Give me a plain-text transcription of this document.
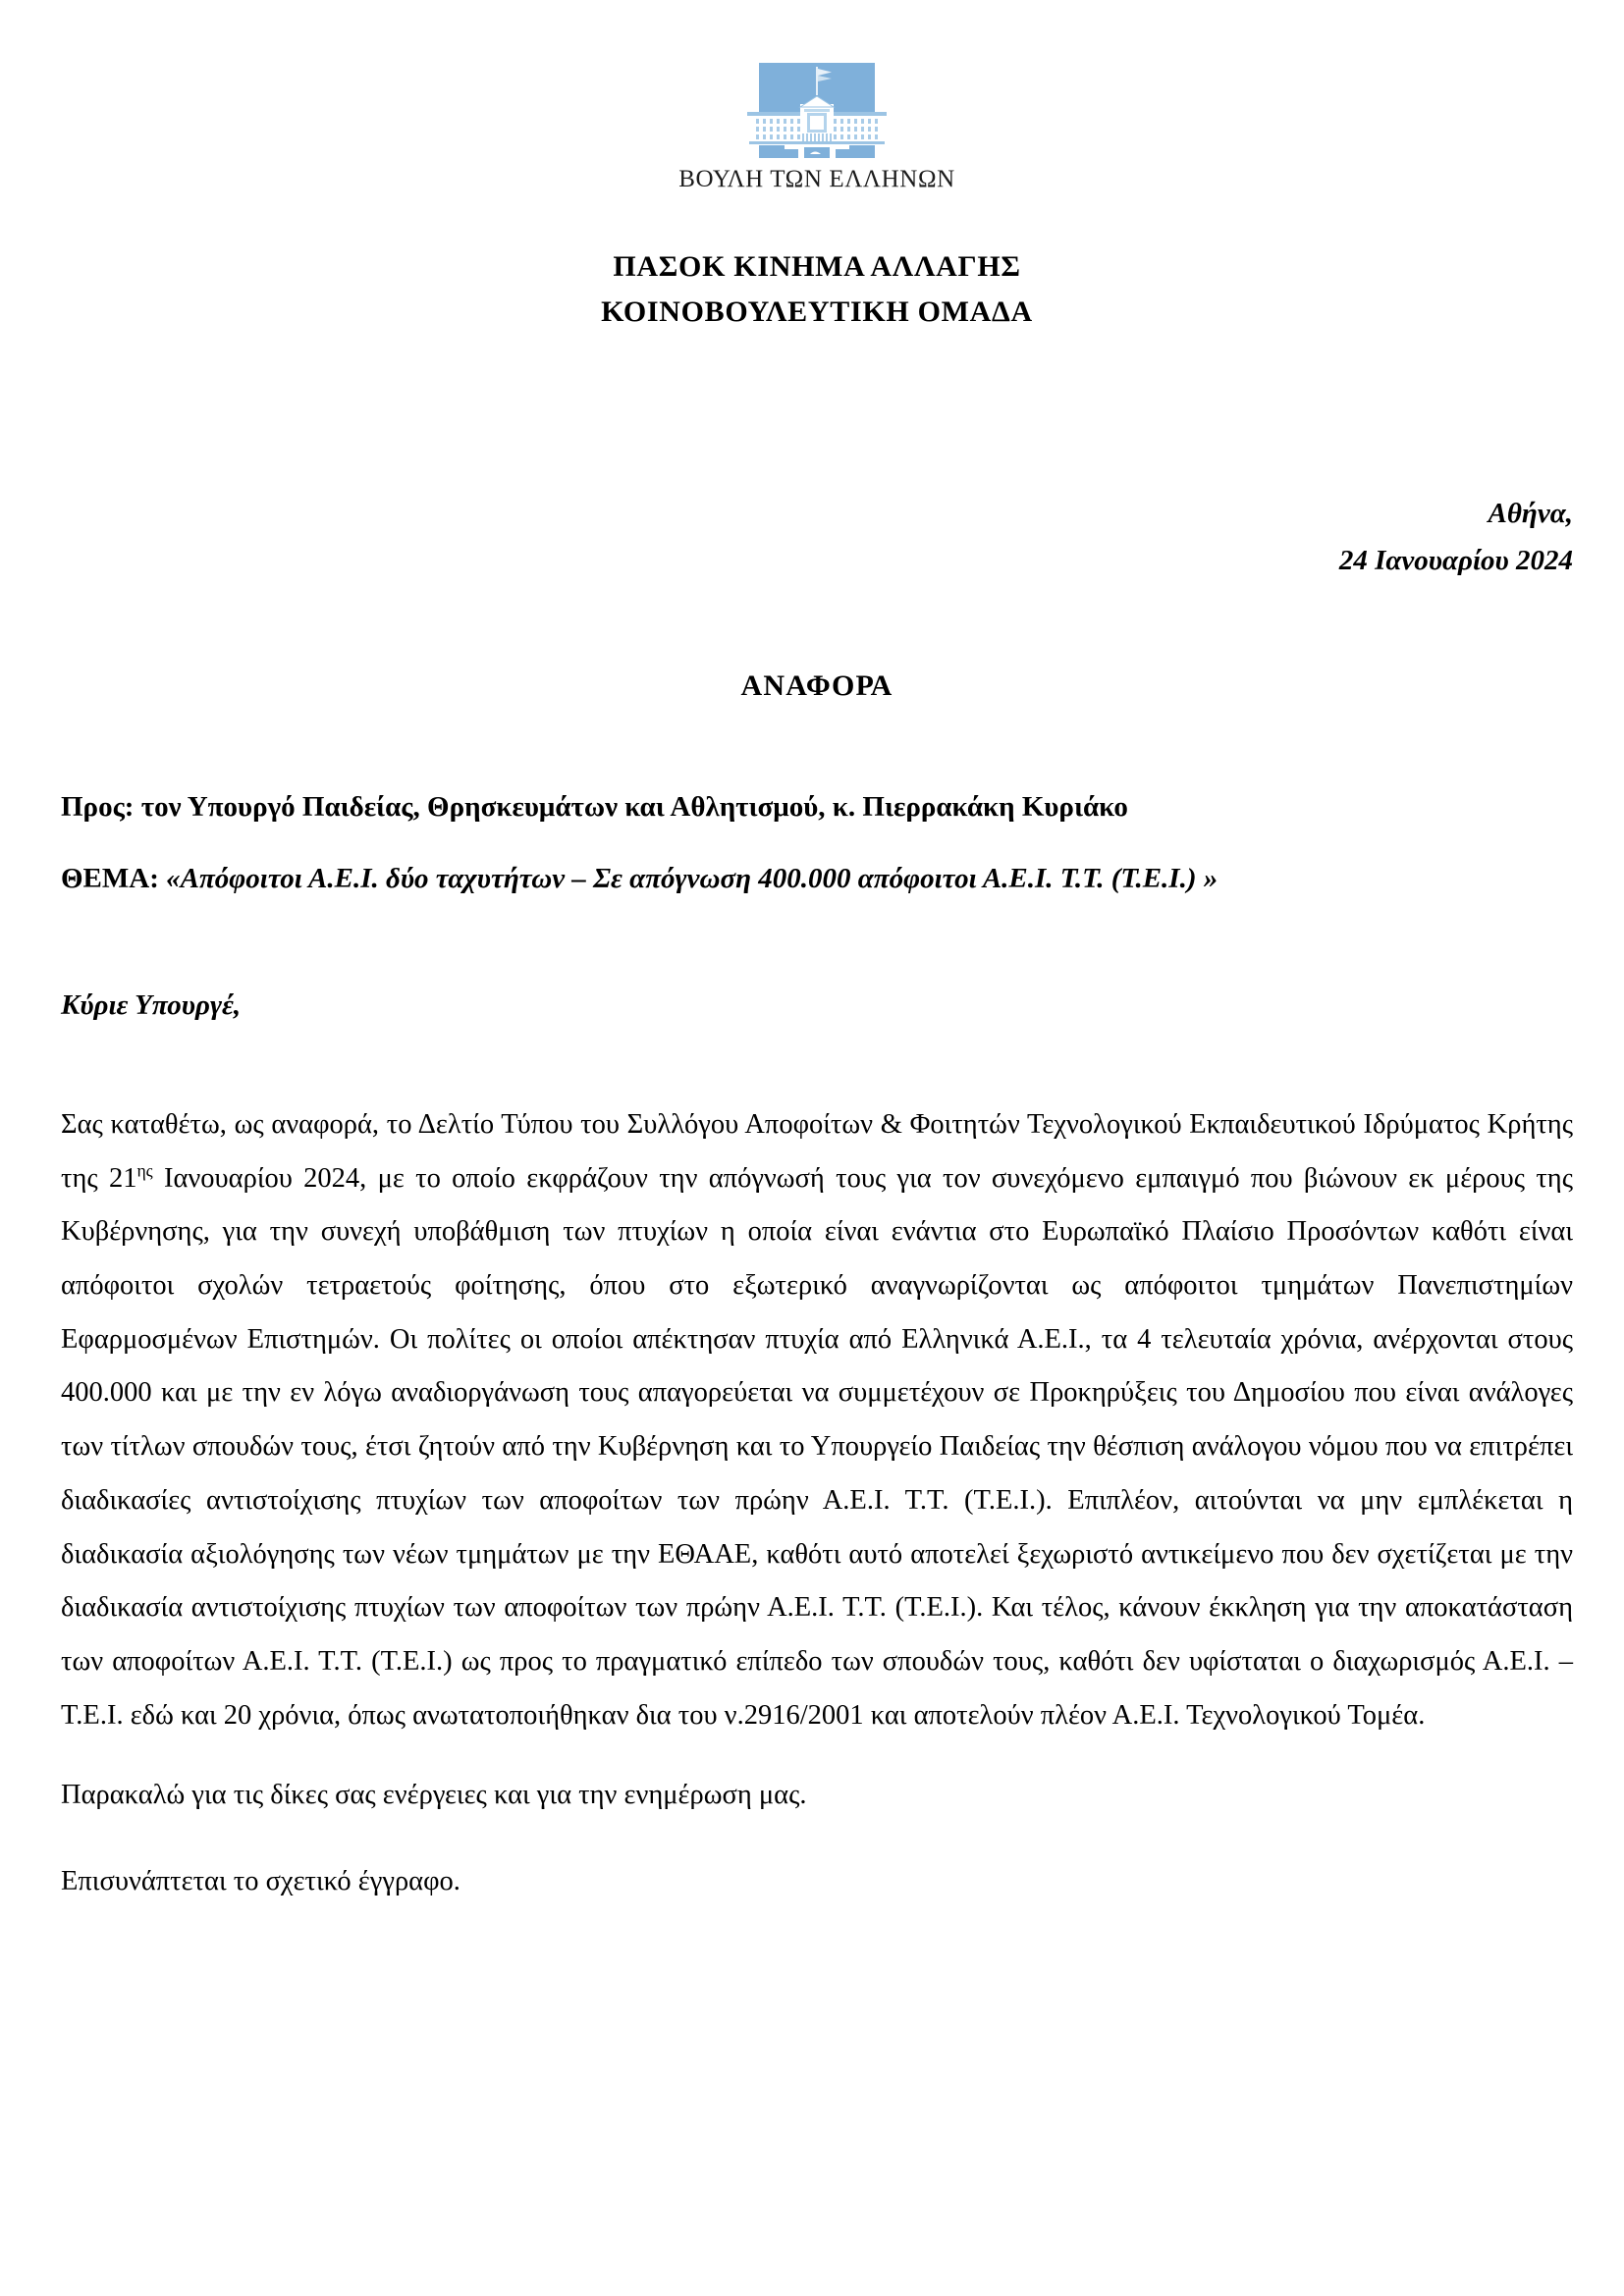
ΒΟΥΛΗ ΤΩΝ ΕΛΛΗΝΩΝ
ΠΑΣΟΚ ΚΙΝΗΜΑ ΑΛΛΑΓΗΣ
ΚΟΙΝΟΒΟΥΛΕΥΤΙΚΗ ΟΜΑΔΑ
Αθήνα,
24 Ιανουαρίου 2024
ΑΝΑΦΟΡΑ
Προς: τον Υπουργό Παιδείας, Θρησκευμάτων και Αθλητισμού, κ. Πιερρακάκη Κυριάκο
ΘΕΜΑ: «Απόφοιτοι Α.Ε.Ι. δύο ταχυτήτων – Σε απόγνωση 400.000 απόφοιτοι Α.Ε.Ι. Τ.Τ. (Τ.Ε.Ι.) »
Κύριε Υπουργέ,

Σας καταθέτω, ως αναφορά, το Δελτίο Τύπου του Συλλόγου Αποφοίτων & Φοιτητών Τεχνολογικού Εκπαιδευτικού Ιδρύματος Κρήτης της $21^{\eta\varsigma}$ Ιανουαρίου 2024, με το οποίο εκφράζουν την απόγνωσή τους για τον συνεχόμενο εμπαιγμό που βιώνουν εκ μέρους της Κυβέρνησης, για την συνεχή υποβάθμιση των πτυχίων η οποία είναι ενάντια στο Ευρωπαϊκό Πλαίσιο Προσόντων καθότι είναι απόφοιτοι σχολών τετραετούς φοίτησης, όπου στο εξωτερικό αναγνωρίζονται ως απόφοιτοι τμημάτων Πανεπιστημίων Εφαρμοσμένων Επιστημών. Οι πολίτες οι οποίοι απέκτησαν πτυχία από Ελληνικά Α.Ε.Ι., τα 4 τελευταία χρόνια, ανέρχονται στους 400.000 και με την εν λόγω αναδιοργάνωση τους απαγορεύεται να συμμετέχουν σε Προκηρύξεις του Δημοσίου που είναι ανάλογες των τίτλων σπουδών τους, έτσι ζητούν από την Κυβέρνηση και το Υπουργείο Παιδείας την θέσπιση ανάλογου νόμου που να επιτρέπει διαδικασίες αντιστοίχισης πτυχίων των αποφοίτων των πρώην Α.Ε.Ι. Τ.Τ. (Τ.Ε.Ι.). Επιπλέον, αιτούνται να μην εμπλέκεται η διαδικασία αξιολόγησης των νέων τμημάτων με την ΕΘΑΑΕ, καθότι αυτό αποτελεί ξεχωριστό αντικείμενο που δεν σχετίζεται με την διαδικασία αντιστοίχισης πτυχίων των αποφοίτων των πρώην Α.Ε.Ι. Τ.Τ. (Τ.Ε.Ι.). Και τέλος, κάνουν έκκληση για την αποκατάσταση των αποφοίτων Α.Ε.Ι. Τ.Τ. (Τ.Ε.Ι.) ως προς το πραγματικό επίπεδο των σπουδών τους, καθότι δεν υφίσταται ο διαχωρισμός Α.Ε.Ι. – Τ.Ε.Ι. εδώ και 20 χρόνια, όπως ανωτατοποιήθηκαν δια του ν.2916/2001 και αποτελούν πλέον Α.Ε.Ι. Τεχνολογικού Τομέα.

Παρακαλώ για τις δίκες σας ενέργειες και για την ενημέρωση μας.

Επισυνάπτεται το σχετικό έγγραφο.
